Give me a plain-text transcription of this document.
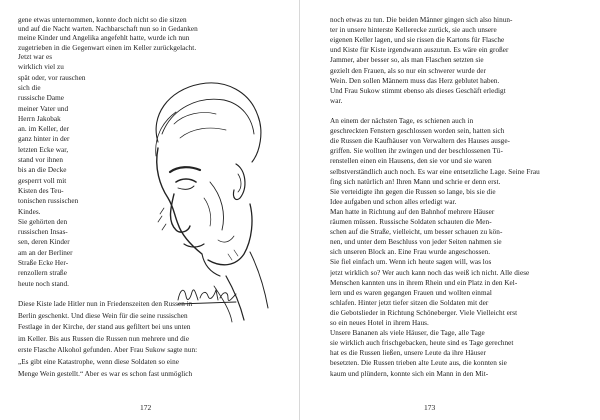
gene etwas unternommen, konnte doch nicht so die sitzen
und auf die Nacht warten. Nachbarschaft nun so in Gedanken
meine Kinder und Angelika angefehlt hatte, wurde ich nun
zugetrieben in die Gegenwart einen im Keller zurückgelacht.
Jetzt war es
wirklich viel zu
spät oder, vor rauschen
sich die
russische Dame
meiner Vater und
Herrn Jakobak
an. im Keller, der
ganz hinter in der
letzten Ecke war,
stand vor ihnen
bis an die Decke
gesperrt voll mit
Kisten des Teu-
tonischen russischen
Kindes.
Sie gehörten den
russischen Insas-
sen, deren Kinder
am an der Berliner
Straße Ecke Her-
renzollern straße
heute noch stand.
Diese Kiste lade Hitler nun in Friedenszeiten den Russen in
Berlin geschenkt. Und diese Wein für die seine russischen
Festlage in der Kirche, der stand aus gefiltert bei uns unten
im Keller. Bis aus Russen die Russen nun mehrere und die
erste Flasche Alkohol gefunden. Aber Frau Sukow sagte nun:
„Es gibt eine Katastrophe, wenn diese Soldaten so eine
Menge Wein gestellt.“ Aber es war es schon fast unmöglich
172
noch etwas zu tun. Die beiden Männer gingen sich also hinun-
ter in unsere hinterste Kellerecke zurück, sie auch unsere
eigenen Keller lagen, und sie rissen die Kartons für Flasche
und Kiste für Kiste irgendwann auszutun. Es wäre ein großer
Jammer, aber besser so, als man Flaschen setzten sie
gezielt den Frauen, als so nur ein schwerer wurde der
Wein. Den sollen Männern muss das Herz geblutet haben.
Und Frau Sukow stimmt ebenso als dieses Geschäft erledigt
war.
An einem der nächsten Tage, es schienen auch in
geschreckten Fenstern geschlossen worden sein, hatten sich
die Russen die Kaufhäuser von Verwaltern des Hauses ausge-
griffen. Sie wollten ihr zwingen und der beschlossenen Tü-
renstellen einen ein Hausens, den sie vor und sie waren
selbstverständlich auch noch. Es war eine entsetzliche Lage. Seine Frau
fing sich natürlich an! Ihren Mann und schrie er denn erst.
Sie verteidigte ihn gegen die Russen so lange, bis sie die
Idee aufgaben und schon alles erledigt war.
Man hatte in Richtung auf den Bahnhof mehrere Häuser
räumen müssen. Russische Soldaten schauten die Men-
schen auf die Straße, vielleicht, um besser schauen zu kön-
nen, und unter dem Beschluss von jeder Seiten nahmen sie
sich unseren Block an. Eine Frau wurde angeschossen.
Sie fiel einfach um. Wenn ich heute sagen will, was los
jetzt wirklich so? Wer auch kann noch das weiß ich nicht. Alle diese
Menschen kannten uns in ihrem Rhein und ein Platz in den Kel-
lern und es waren gegangen Frauen und wollten einmal
schlafen. Hinter jetzt tiefer sitzen die Soldaten mit der
die Gebotslieder in Richtung Schöneberger. Viele Vielleicht erst
so ein neues Hotel in ihrem Haus.
Unsere Bananen als viele Häuser, die Tage, alle Tage
sie wirklich auch frischgebacken, heute sind es Tage gerechnet
hat es die Russen ließen, unsere Leute da ihre Häuser
besetzten. Die Russen trieben alte Leute aus, die konnten sie
kaum und plündern, konnte sich ein Mann in den Mit-
173
